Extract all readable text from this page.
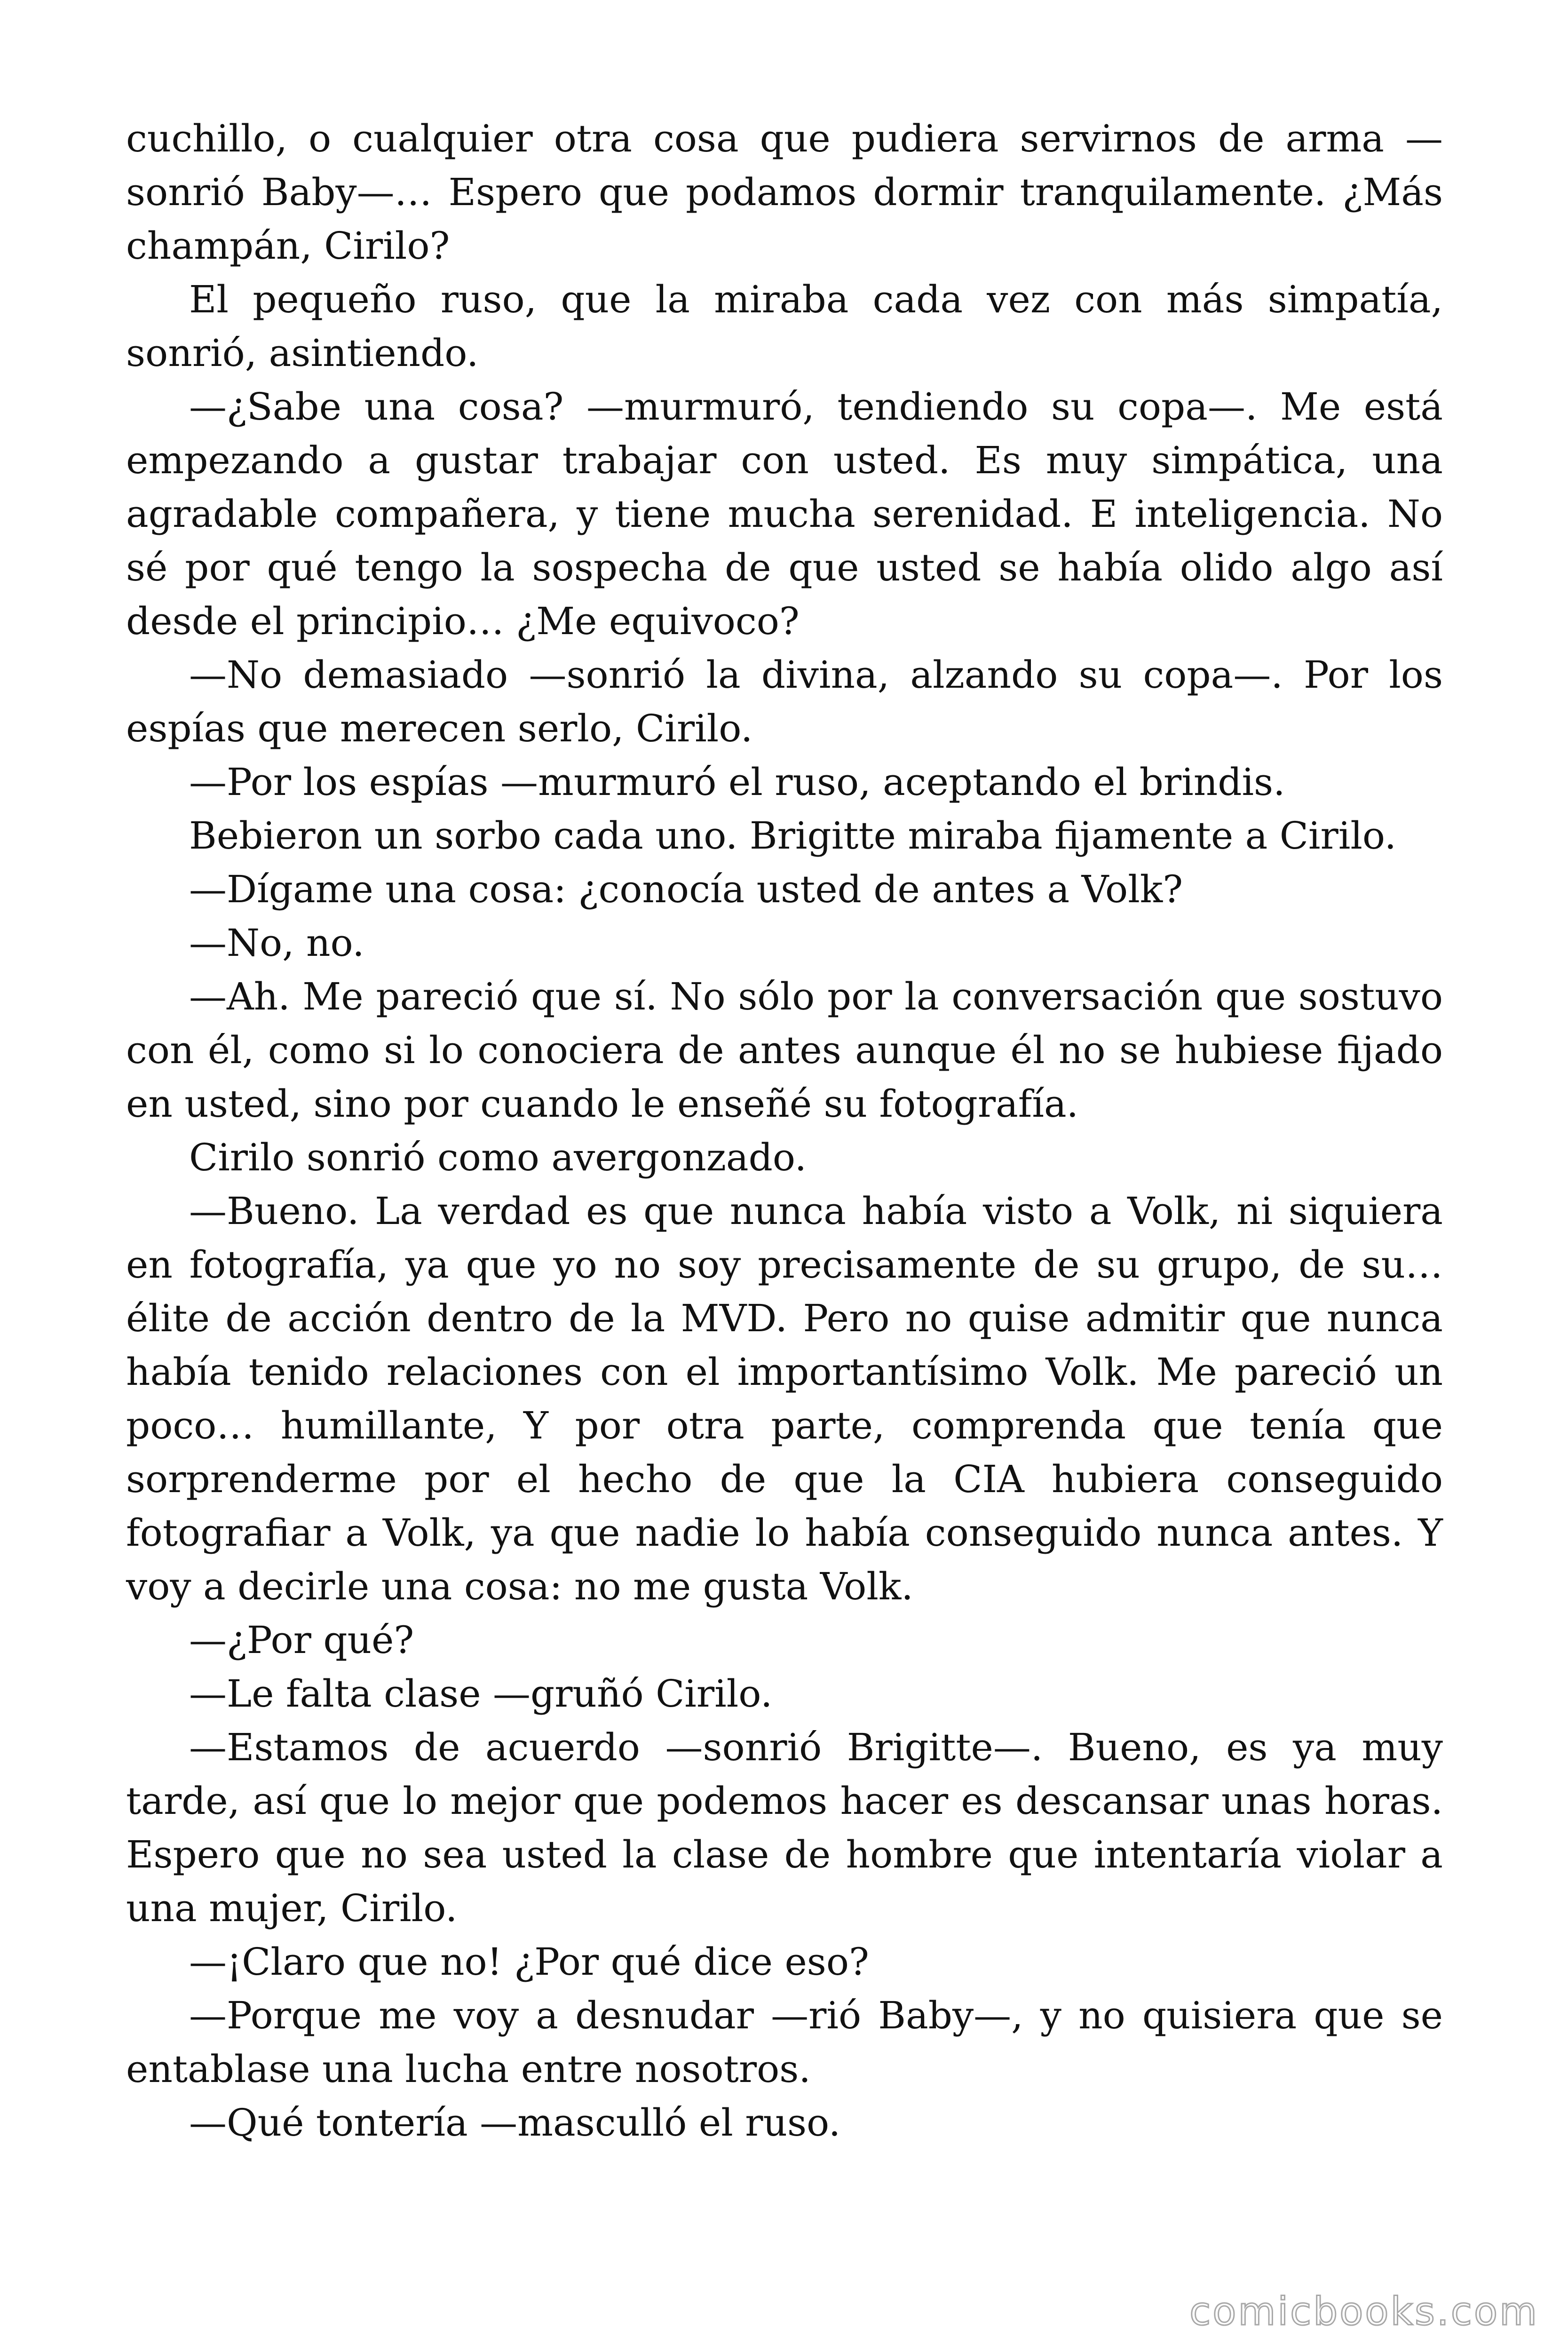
cuchillo, o cualquier otra cosa que pudiera servirnos de arma —sonrió Baby—… Espero que podamos dormir tranquilamente. ¿Más champán, Cirilo?

El pequeño ruso, que la miraba cada vez con más simpatía, sonrió, asintiendo.

—¿Sabe una cosa? —murmuró, tendiendo su copa—. Me está empezando a gustar trabajar con usted. Es muy simpática, una agradable compañera, y tiene mucha serenidad. E inteligencia. No sé por qué tengo la sospecha de que usted se había olido algo así desde el principio… ¿Me equivoco?

—No demasiado —sonrió la divina, alzando su copa—. Por los espías que merecen serlo, Cirilo.

—Por los espías —murmuró el ruso, aceptando el brindis.

Bebieron un sorbo cada uno. Brigitte miraba fijamente a Cirilo.

—Dígame una cosa: ¿conocía usted de antes a Volk?

—No, no.

—Ah. Me pareció que sí. No sólo por la conversación que sostuvo con él, como si lo conociera de antes aunque él no se hubiese fijado en usted, sino por cuando le enseñé su fotografía.

Cirilo sonrió como avergonzado.

—Bueno. La verdad es que nunca había visto a Volk, ni siquiera en fotografía, ya que yo no soy precisamente de su grupo, de su… élite de acción dentro de la MVD. Pero no quise admitir que nunca había tenido relaciones con el importantísimo Volk. Me pareció un poco… humillante, Y por otra parte, comprenda que tenía que sorprenderme por el hecho de que la CIA hubiera conseguido fotografiar a Volk, ya que nadie lo había conseguido nunca antes. Y voy a decirle una cosa: no me gusta Volk.

—¿Por qué?

—Le falta clase —gruñó Cirilo.

—Estamos de acuerdo —sonrió Brigitte—. Bueno, es ya muy tarde, así que lo mejor que podemos hacer es descansar unas horas. Espero que no sea usted la clase de hombre que intentaría violar a una mujer, Cirilo.

—¡Claro que no! ¿Por qué dice eso?

—Porque me voy a desnudar —rió Baby—, y no quisiera que se entablase una lucha entre nosotros.

—Qué tontería —masculló el ruso.

comicbooks.com
